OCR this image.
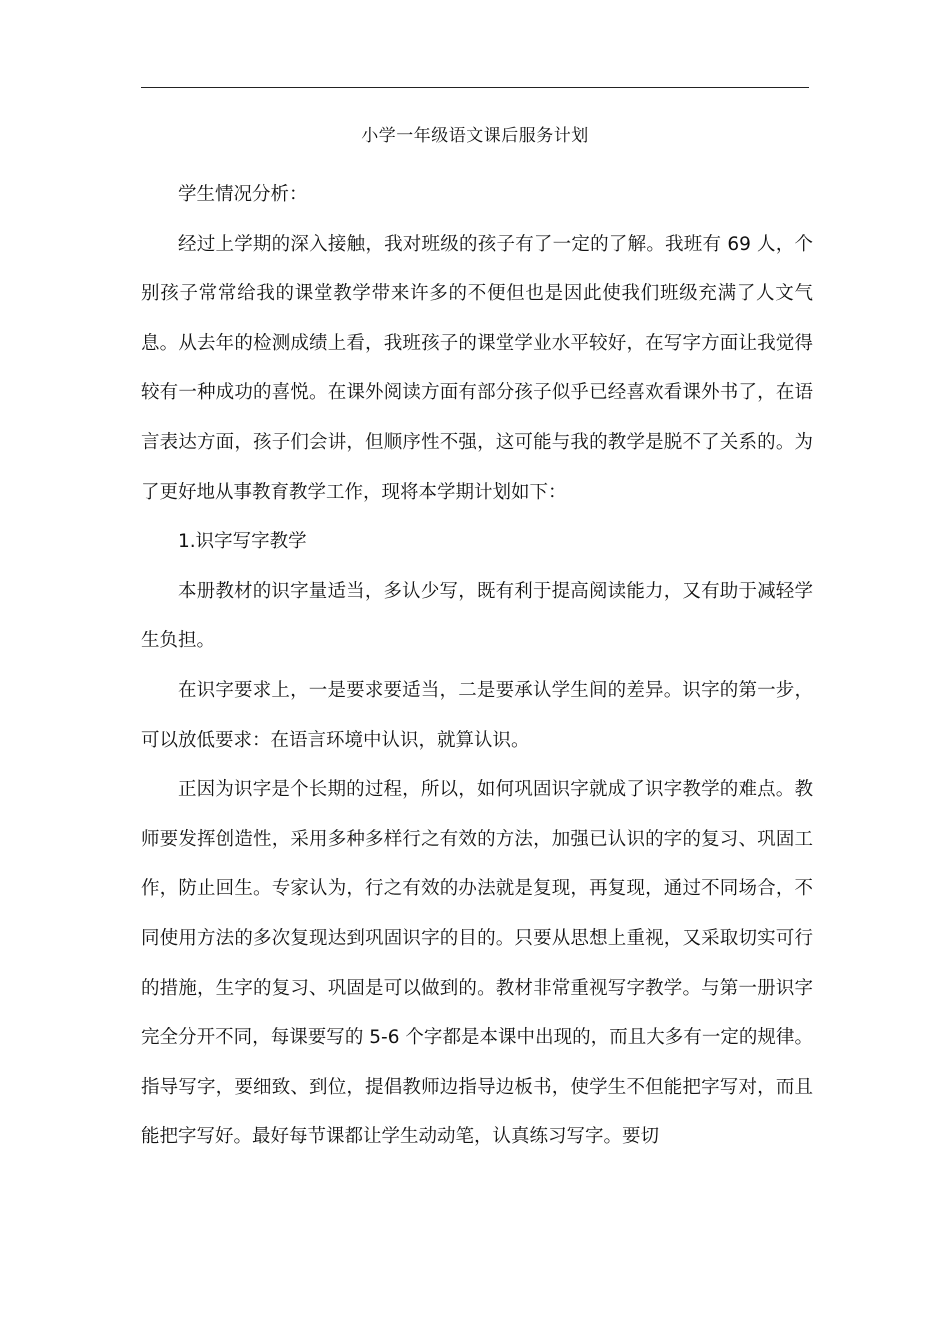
小学一年级语文课后服务计划

学生情况分析：

经过上学期的深入接触，我对班级的孩子有了一定的了解。我班有 69 人，个别孩子常常给我的课堂教学带来许多的不便但也是因此使我们班级充满了人文气息。从去年的检测成绩上看，我班孩子的课堂学业水平较好，在写字方面让我觉得较有一种成功的喜悦。在课外阅读方面有部分孩子似乎已经喜欢看课外书了，在语言表达方面，孩子们会讲，但顺序性不强，这可能与我的教学是脱不了关系的。为了更好地从事教育教学工作，现将本学期计划如下：

1.识字写字教学

本册教材的识字量适当，多认少写，既有利于提高阅读能力，又有助于减轻学生负担。

在识字要求上，一是要求要适当，二是要承认学生间的差异。识字的第一步，可以放低要求：在语言环境中认识，就算认识。

正因为识字是个长期的过程，所以，如何巩固识字就成了识字教学的难点。教师要发挥创造性，采用多种多样行之有效的方法，加强已认识的字的复习、巩固工作，防止回生。专家认为，行之有效的办法就是复现，再复现，通过不同场合，不同使用方法的多次复现达到巩固识字的目的。只要从思想上重视，又采取切实可行的措施，生字的复习、巩固是可以做到的。教材非常重视写字教学。与第一册识字完全分开不同，每课要写的 5-6 个字都是本课中出现的，而且大多有一定的规律。指导写字，要细致、到位，提倡教师边指导边板书，使学生不但能把字写对，而且能把字写好。最好每节课都让学生动动笔，认真练习写字。要切
